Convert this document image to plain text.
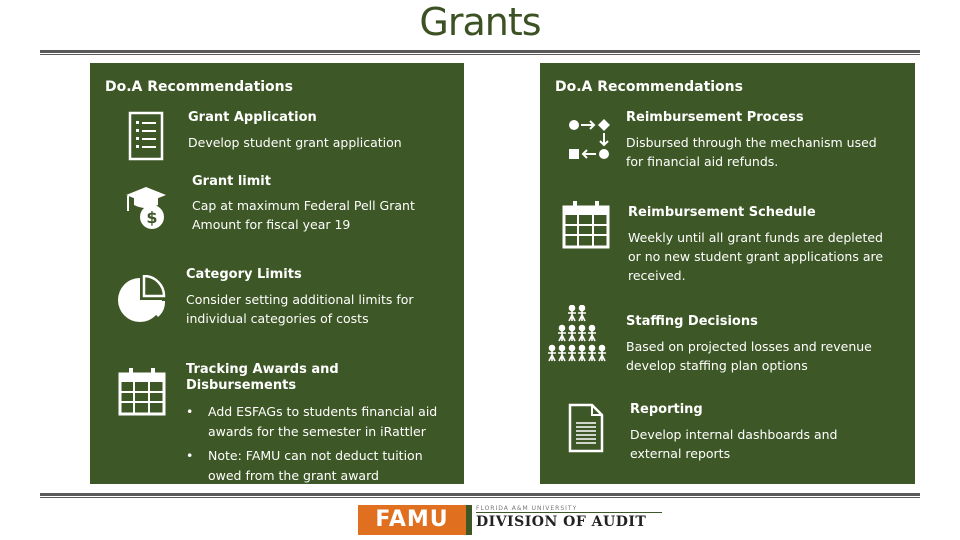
Grants
Do.A Recommendations
Grant Application
Develop student grant application
$
Grant limit
Cap at maximum Federal Pell Grant Amount for fiscal year 19
Category Limits
Consider setting additional limits for individual categories of costs
Tracking Awards and Disbursements
• Add ESFAGs to students financial aid awards for the semester in iRattler
• Note: FAMU can not deduct tuition owed from the grant award
Do.A Recommendations
Reimbursement Process
Disbursed through the mechanism used for financial aid refunds.
Reimbursement Schedule
Weekly until all grant funds are depleted or no new student grant applications are received.
Staffing Decisions
Based on projected losses and revenue develop staffing plan options
Reporting
Develop internal dashboards and external reports
FAMU	FLORIDA A&M UNIVERSITY
DIVISION OF AUDIT
